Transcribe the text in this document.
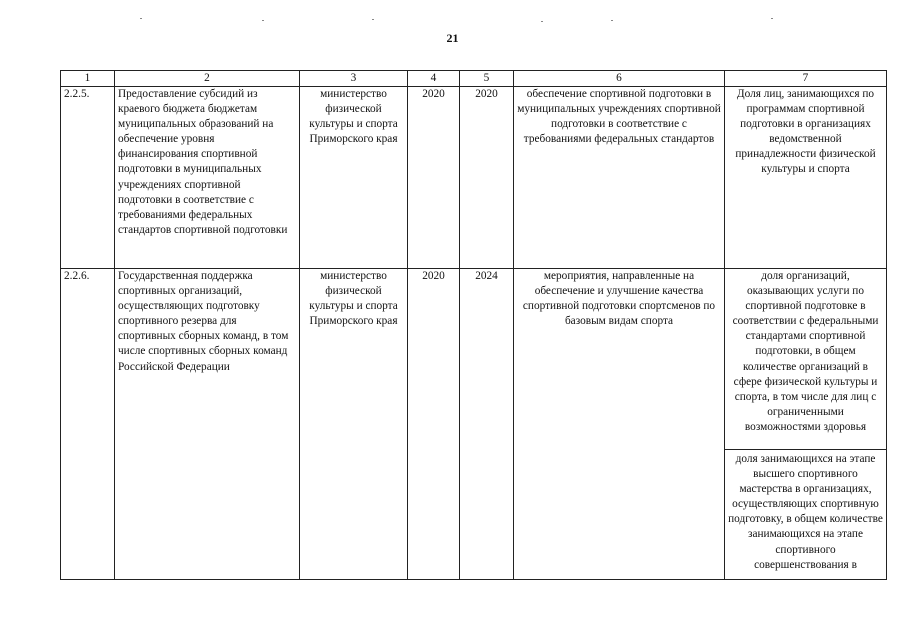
21
1	2	3	4	5	6	7
2.2.5.	Предоставление субсидий из краевого бюджета бюджетам муниципальных образований на обеспечение уровня финансирования спортивной подготовки в муниципальных учреждениях спортивной подготовки в соответствие с требованиями федеральных стандартов спортивной подготовки	министерство физической культуры и спорта Приморского края	2020	2020	обеспечение спортивной подготовки в муниципальных учреждениях спортивной подготовки в соответствие с требованиями федеральных стандартов	Доля лиц, занимающихся по программам спортивной подготовки в организациях ведомственной принадлежности физической культуры и спорта

2.2.6.	Государственная поддержка спортивных организаций, осуществляющих подготовку спортивного резерва для спортивных сборных команд, в том числе спортивных сборных команд Российской Федерации	министерство физической культуры и спорта Приморского края	2020	2024	мероприятия, направленные на обеспечение и улучшение качества спортивной подготовки спортсменов по базовым видам спорта	доля организаций, оказывающих услуги по спортивной подготовке в соответствии с федеральными стандартами спортивной подготовки, в общем количестве организаций в сфере физической культуры и спорта, в том числе для лиц с ограниченными возможностями здоровья
доля занимающихся на этапе высшего спортивного мастерства в организациях, осуществляющих спортивную подготовку, в общем количестве занимающихся на этапе спортивного совершенствования в
